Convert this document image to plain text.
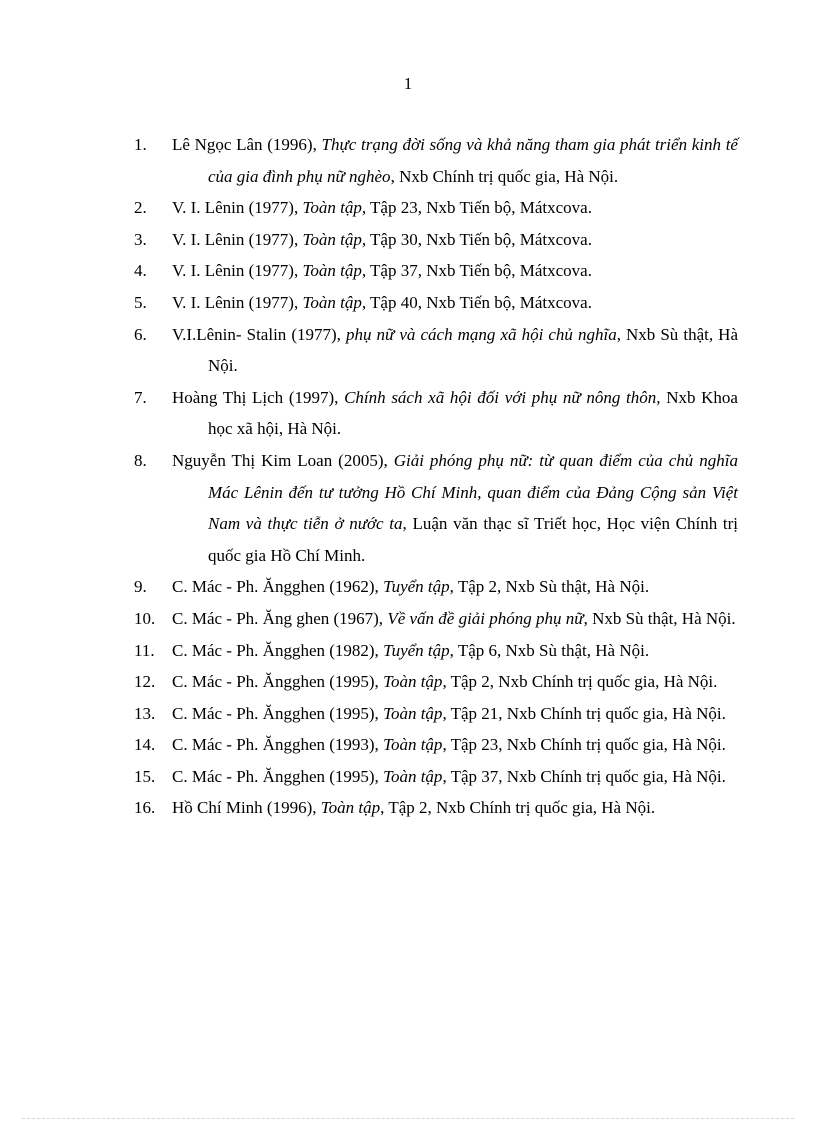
1
1.	Lê Ngọc Lân (1996), Thực trạng đời sống và khả năng tham gia phát triển kinh tế của gia đình phụ nữ nghèo, Nxb Chính trị quốc gia, Hà Nội.
2.	V. I. Lênin (1977), Toàn tập, Tập 23, Nxb Tiến bộ, Mátxcova.
3.	V. I. Lênin (1977), Toàn tập, Tập 30, Nxb Tiến bộ, Mátxcova.
4.	V. I. Lênin (1977), Toàn tập, Tập 37, Nxb Tiến bộ, Mátxcova.
5.	V. I. Lênin (1977), Toàn tập, Tập 40, Nxb Tiến bộ, Mátxcova.
6.	V.I.Lênin- Stalin (1977), phụ nữ và cách mạng xã hội chủ nghĩa, Nxb Sù thật, Hà Nội.
7.	Hoàng Thị Lịch (1997), Chính sách xã hội đối với phụ nữ nông thôn, Nxb Khoa học xã hội, Hà Nội.
8.	Nguyễn Thị Kim Loan (2005), Giải phóng phụ nữ: từ quan điểm của chủ nghĩa Mác Lênin đến tư tưởng Hồ Chí Minh, quan điểm của Đảng Cộng sản Việt Nam và thực tiễn ở nước ta, Luận văn thạc sĩ Triết học, Học viện Chính trị quốc gia Hồ Chí Minh.
9.	C. Mác - Ph. Ăngghen (1962), Tuyển tập, Tập 2, Nxb Sù thật, Hà Nội.
10. C. Mác - Ph. Ăng ghen (1967), Về vấn đề giải phóng phụ nữ, Nxb Sù thật, Hà Nội.
11.	C. Mác - Ph. Ăngghen (1982), Tuyển tập, Tập 6, Nxb Sù thật, Hà Nội.
12. C. Mác - Ph. Ăngghen (1995), Toàn tập, Tập 2, Nxb Chính trị quốc gia, Hà Nội.
13. C. Mác - Ph. Ăngghen (1995), Toàn tập, Tập 21, Nxb Chính trị quốc gia, Hà Nội.
14. C. Mác - Ph. Ăngghen (1993), Toàn tập, Tập 23, Nxb Chính trị quốc gia, Hà Nội.
15. C. Mác - Ph. Ăngghen (1995), Toàn tập, Tập 37, Nxb Chính trị quốc gia, Hà Nội.
16. Hồ Chí Minh (1996), Toàn tập, Tập 2, Nxb Chính trị quốc gia, Hà Nội.
